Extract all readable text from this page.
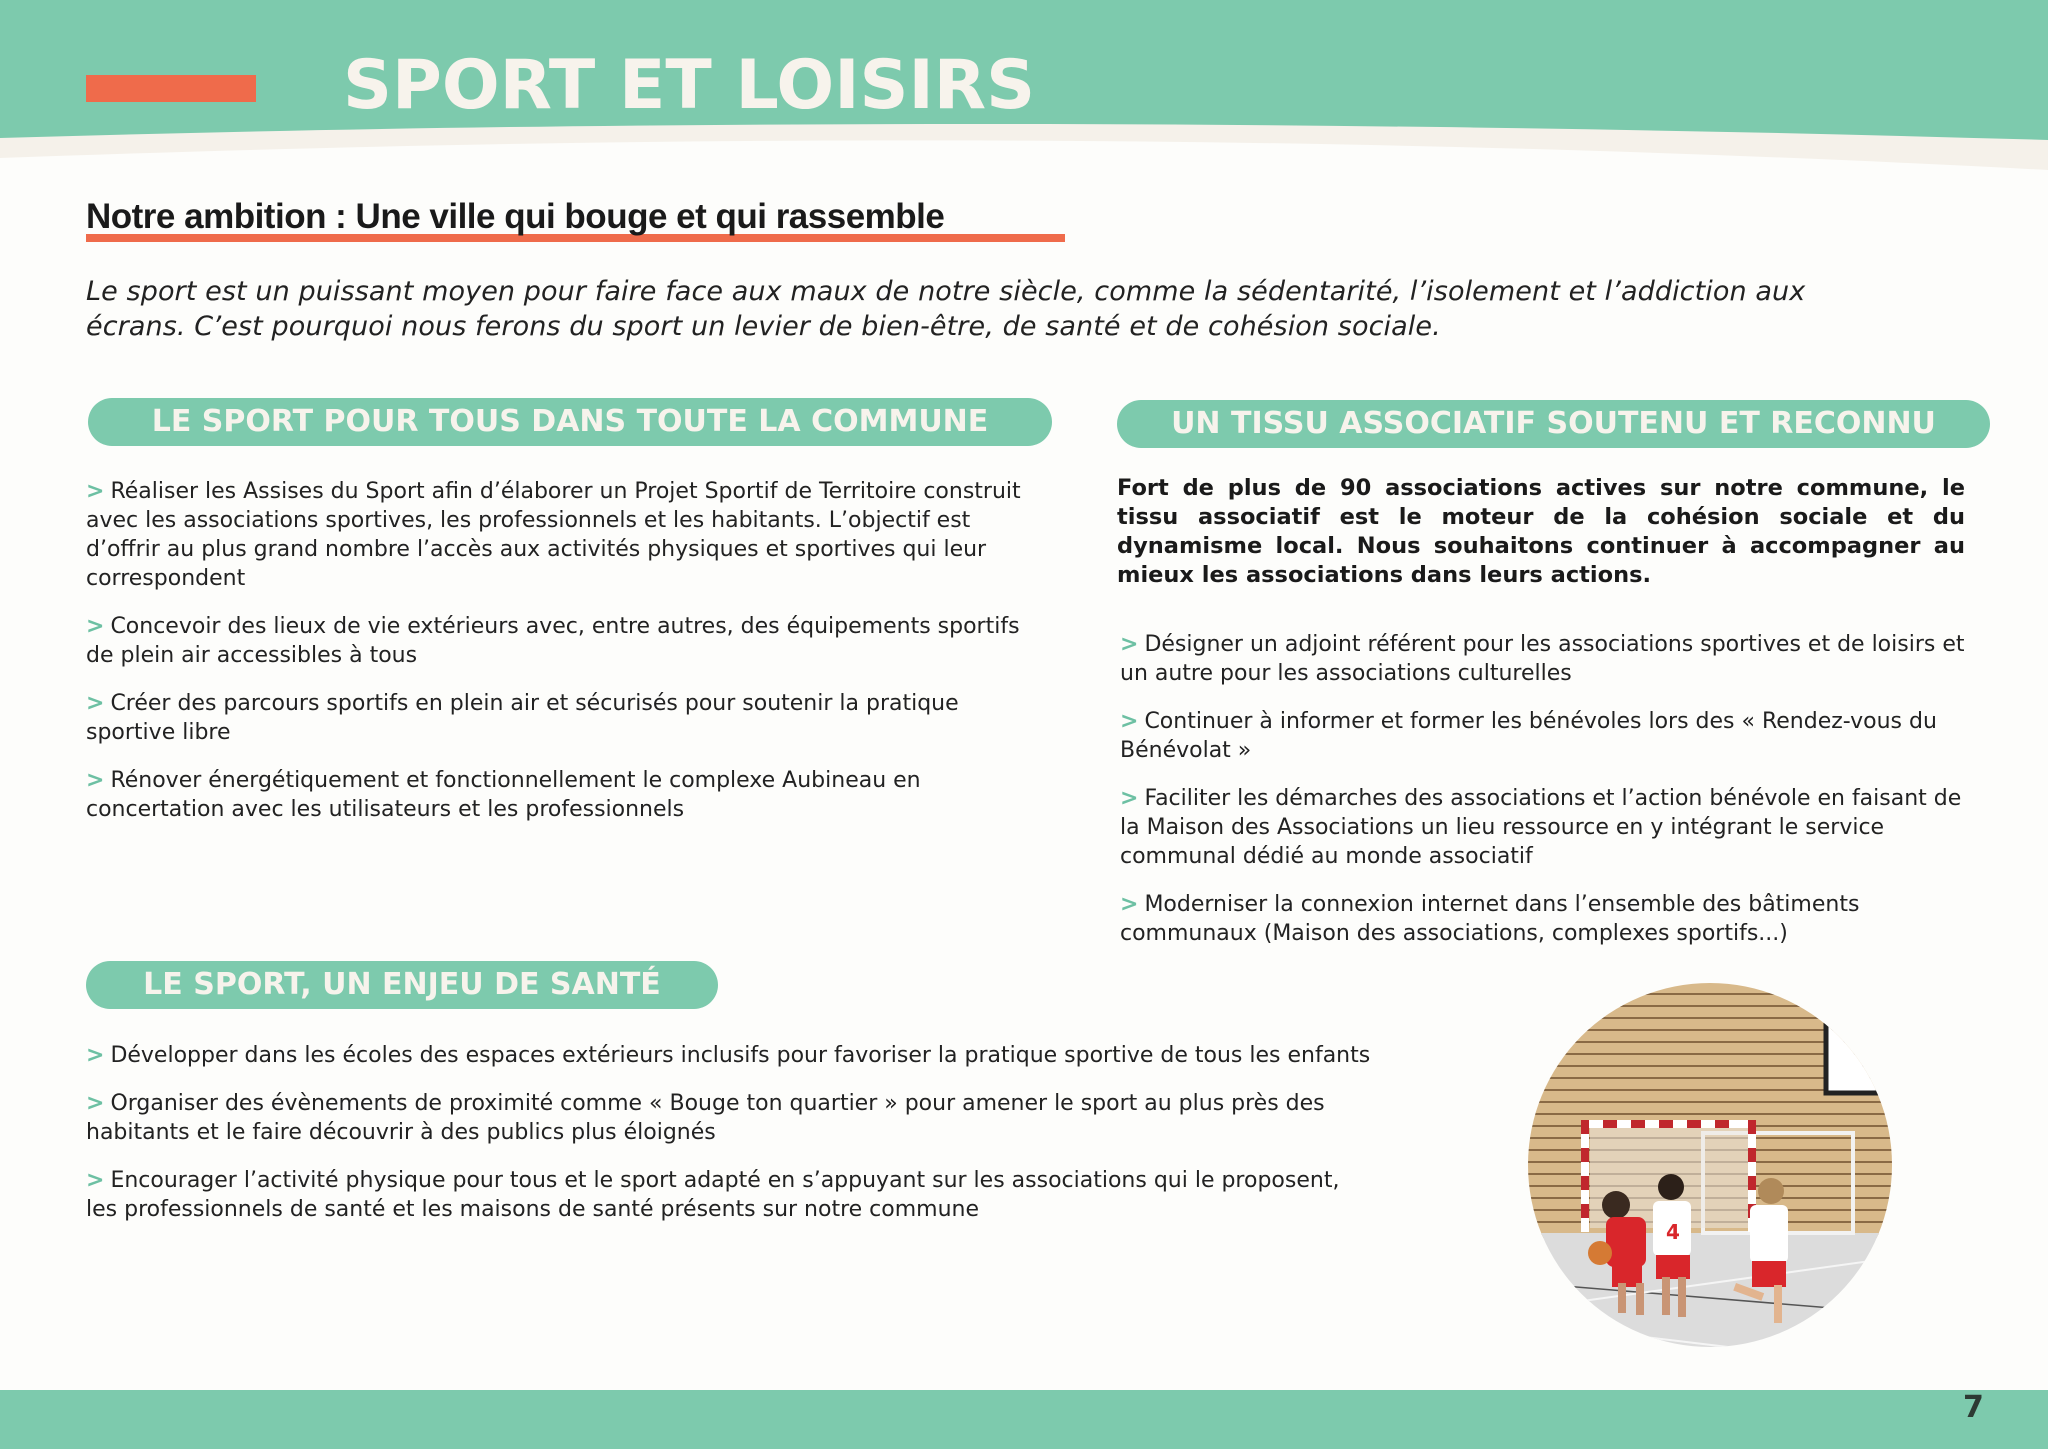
SPORT ET LOISIRS
Notre ambition : Une ville qui bouge et qui rassemble
Le sport est un puissant moyen pour faire face aux maux de notre siècle, comme la sédentarité, l’isolement et l’addiction aux écrans. C’est pourquoi nous ferons du sport un levier de bien-être, de santé et de cohésion sociale.
LE SPORT POUR TOUS DANS TOUTE LA COMMUNE
> Réaliser les Assises du Sport afin d’élaborer un Projet Sportif de Territoire construit avec les associations sportives, les professionnels et les habitants. L’objectif est d’offrir au plus grand nombre l’accès aux activités physiques et sportives qui leur correspondent
> Concevoir des lieux de vie extérieurs avec, entre autres, des équipements sportifs de plein air accessibles à tous
> Créer des parcours sportifs en plein air et sécurisés pour soutenir la pratique sportive libre
> Rénover énergétiquement et fonctionnellement le complexe Aubineau en concertation avec les utilisateurs et les professionnels
UN TISSU ASSOCIATIF SOUTENU ET RECONNU
Fort de plus de 90 associations actives sur notre commune, le tissu associatif est le moteur de la cohésion sociale et du dynamisme local. Nous souhaitons continuer à accompagner au mieux les associations dans leurs actions.
> Désigner un adjoint référent pour les associations sportives et de loisirs et un autre pour les associations culturelles
> Continuer à informer et former les bénévoles lors des « Rendez-vous du Bénévolat »
> Faciliter les démarches des associations et l’action bénévole en faisant de la Maison des Associations un lieu ressource en y intégrant le service communal dédié au monde associatif
> Moderniser la connexion internet dans l’ensemble des bâtiments communaux (Maison des associations, complexes sportifs...)
LE SPORT, UN ENJEU DE SANTÉ
> Développer dans les écoles des espaces extérieurs inclusifs pour favoriser la pratique sportive de tous les enfants
> Organiser des évènements de proximité comme « Bouge ton quartier » pour amener le sport au plus près des habitants et le faire découvrir à des publics plus éloignés
> Encourager l’activité physique pour tous et le sport adapté en s’appuyant sur les associations qui le proposent, les professionnels de santé et les maisons de santé présents sur notre commune
4
7
